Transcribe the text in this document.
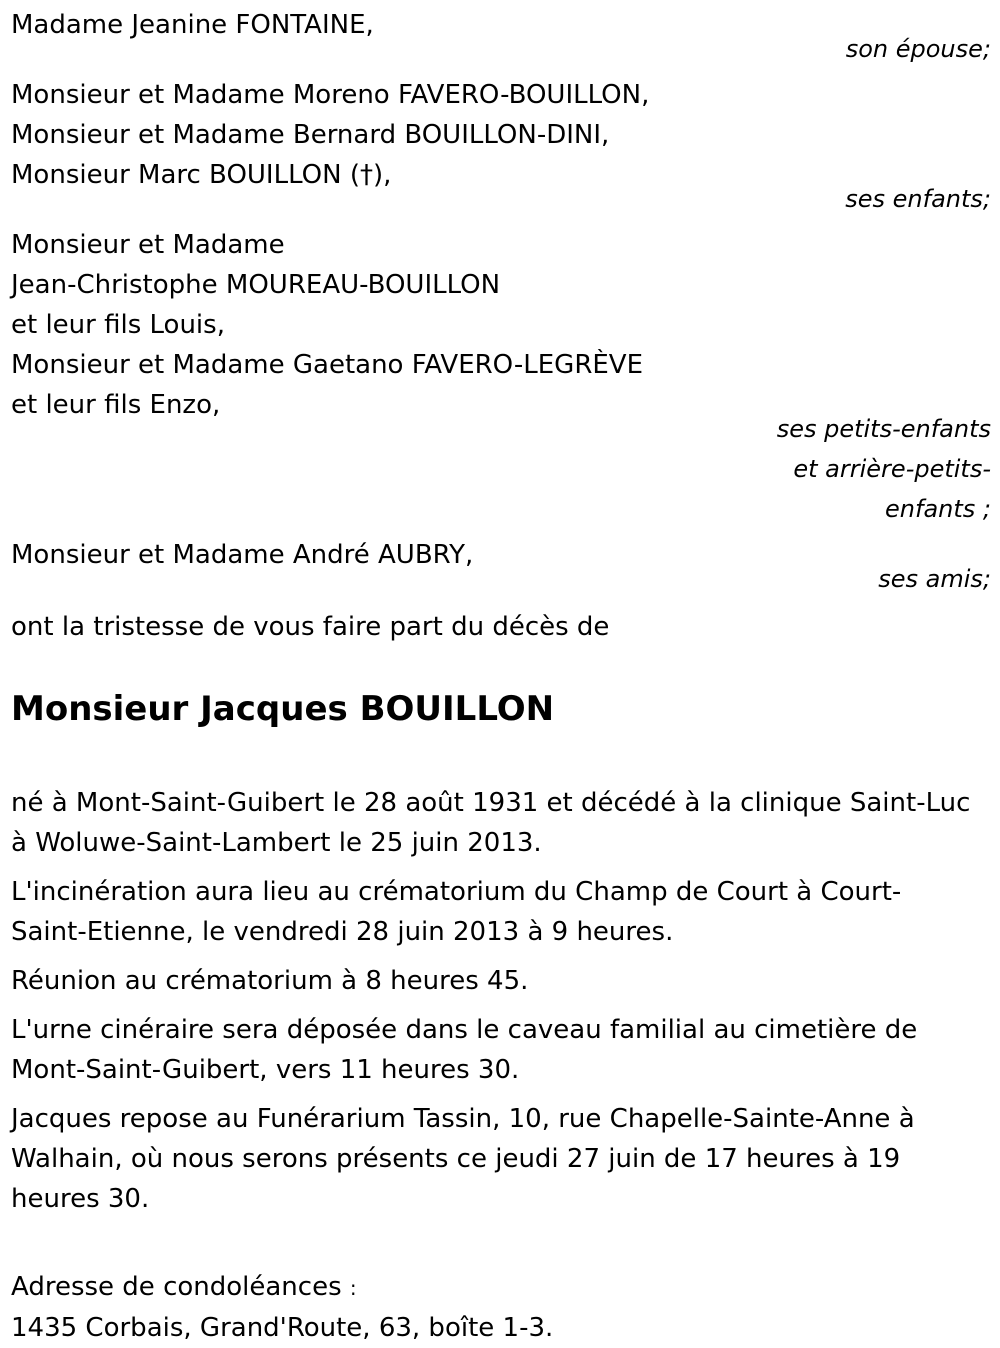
Madame Jeanine FONTAINE,
son épouse;
Monsieur et Madame Moreno FAVERO-BOUILLON,
Monsieur et Madame Bernard BOUILLON-DINI,
Monsieur Marc BOUILLON (†),
ses enfants;
Monsieur et Madame
Jean-Christophe MOUREAU-BOUILLON
et leur fils Louis,
Monsieur et Madame Gaetano FAVERO-LEGRÈVE
et leur fils Enzo,
ses petits-enfants
et arrière-petits-
enfants ;
Monsieur et Madame André AUBRY,
ses amis;
ont la tristesse de vous faire part du décès de
Monsieur Jacques BOUILLON
né à Mont-Saint-Guibert le 28 août 1931 et décédé à la clinique Saint-Luc
à Woluwe-Saint-Lambert le 25 juin 2013.
L'incinération aura lieu au crématorium du Champ de Court à Court-
Saint-Etienne, le vendredi 28 juin 2013 à 9 heures.
Réunion au crématorium à 8 heures 45.
L'urne cinéraire sera déposée dans le caveau familial au cimetière de
Mont-Saint-Guibert, vers 11 heures 30.
Jacques repose au Funérarium Tassin, 10, rue Chapelle-Sainte-Anne à
Walhain, où nous serons présents ce jeudi 27 juin de 17 heures à 19
heures 30.
Adresse de condoléances :
1435 Corbais, Grand'Route, 63, boîte 1-3.
